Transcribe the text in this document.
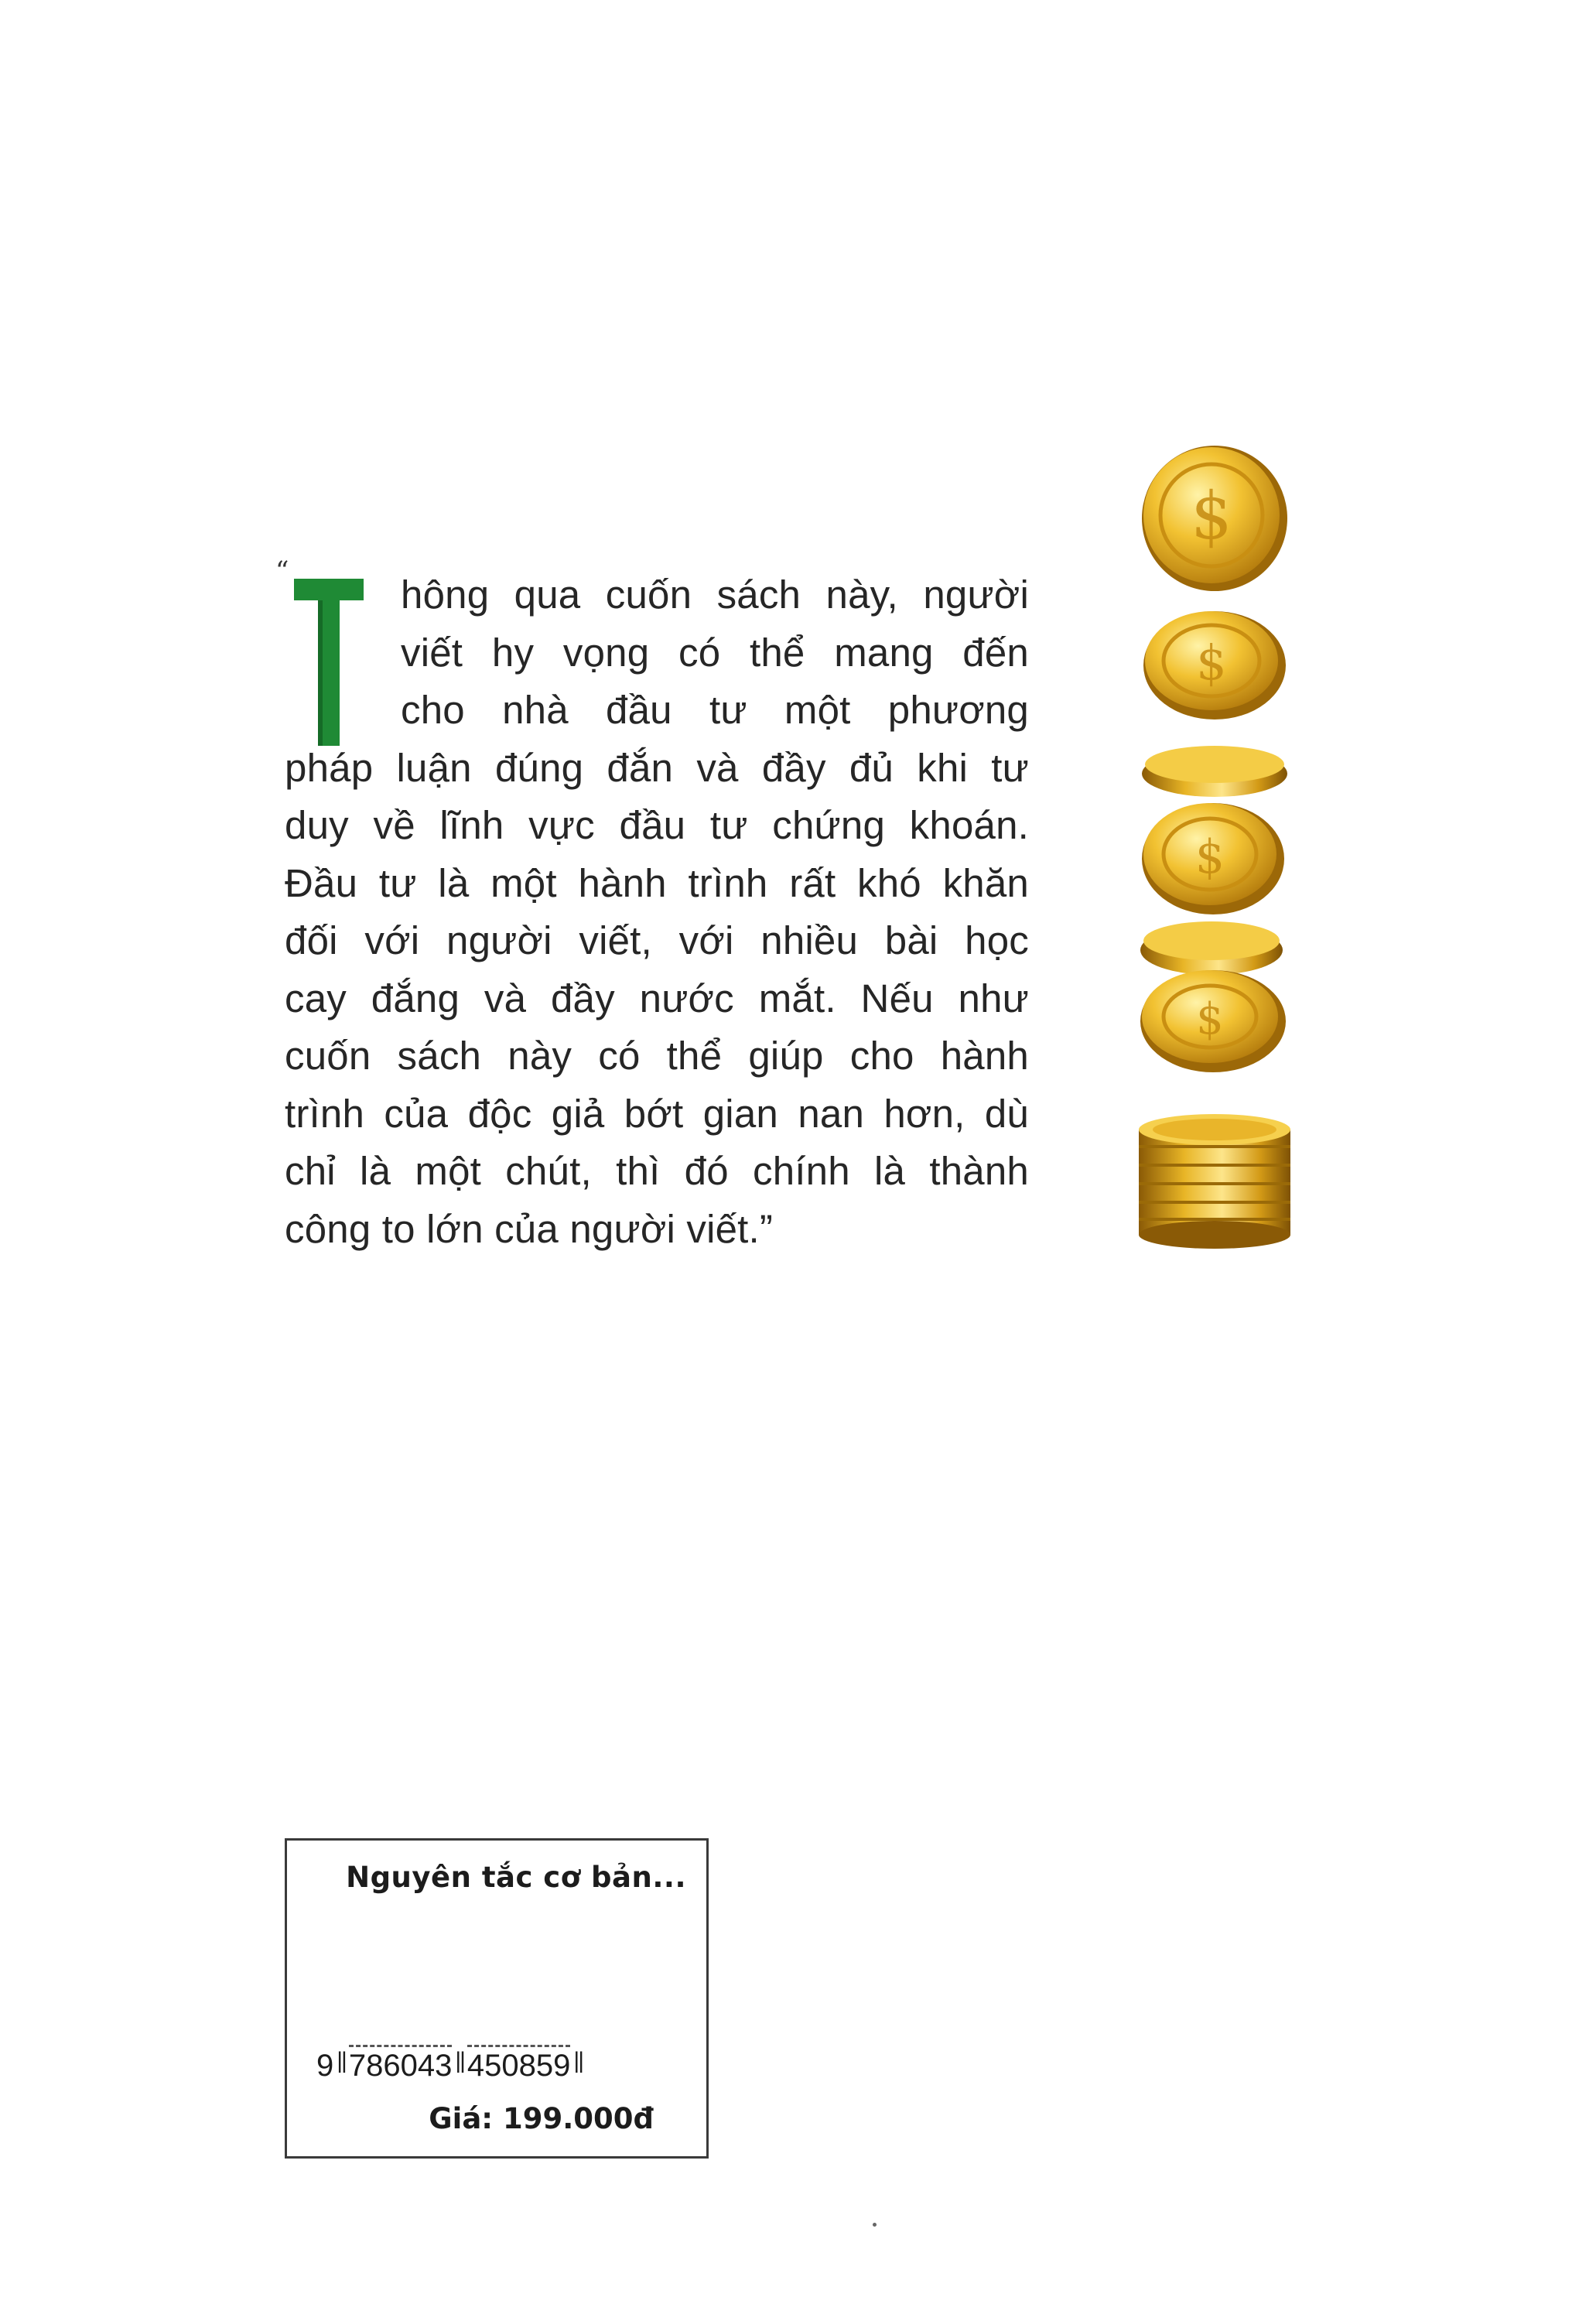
“
hông qua cuốn sách này, người
viết hy vọng có thể mang đến
cho nhà đầu tư một phương
pháp luận đúng đắn và đầy đủ khi tư
duy về lĩnh vực đầu tư chứng khoán.
Đầu tư là một hành trình rất khó khăn
đối với người viết, với nhiều bài học
cay đắng và đầy nước mắt. Nếu như
cuốn sách này có thể giúp cho hành
trình của độc giả bớt gian nan hơn, dù
chỉ là một chút, thì đó chính là thành
công to lớn của người viết.”
$
$
$
$
Nguyên tắc cơ bản...
9 || 786043 || 450859 ||
Giá: 199.000đ
